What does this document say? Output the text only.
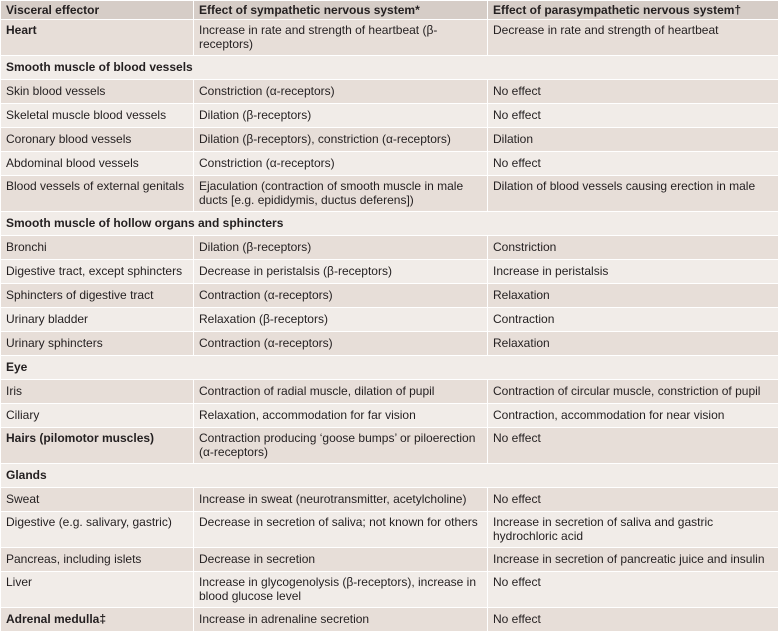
Visceral effector	Effect of sympathetic nervous system*	Effect of parasympathetic nervous system†
Heart	Increase in rate and strength of heartbeat (β-receptors)	Decrease in rate and strength of heartbeat
Smooth muscle of blood vessels		
Skin blood vessels	Constriction (α-receptors)	No effect
Skeletal muscle blood vessels	Dilation (β-receptors)	No effect
Coronary blood vessels	Dilation (β-receptors), constriction (α-receptors)	Dilation
Abdominal blood vessels	Constriction (α-receptors)	No effect
Blood vessels of external genitals	Ejaculation (contraction of smooth muscle in male ducts [e.g. epididymis, ductus deferens])	Dilation of blood vessels causing erection in male
Smooth muscle of hollow organs and sphincters		
Bronchi	Dilation (β-receptors)	Constriction
Digestive tract, except sphincters	Decrease in peristalsis (β-receptors)	Increase in peristalsis
Sphincters of digestive tract	Contraction (α-receptors)	Relaxation
Urinary bladder	Relaxation (β-receptors)	Contraction
Urinary sphincters	Contraction (α-receptors)	Relaxation
Eye		
Iris	Contraction of radial muscle, dilation of pupil	Contraction of circular muscle, constriction of pupil
Ciliary	Relaxation, accommodation for far vision	Contraction, accommodation for near vision
Hairs (pilomotor muscles)	Contraction producing ‘goose bumps’ or piloerection (α-receptors)	No effect
Glands		
Sweat	Increase in sweat (neurotransmitter, acetylcholine)	No effect
Digestive (e.g. salivary, gastric)	Decrease in secretion of saliva; not known for others	Increase in secretion of saliva and gastric hydrochloric acid
Pancreas, including islets	Decrease in secretion	Increase in secretion of pancreatic juice and insulin
Liver	Increase in glycogenolysis (β-receptors), increase in blood glucose level	No effect
Adrenal medulla‡	Increase in adrenaline secretion	No effect
